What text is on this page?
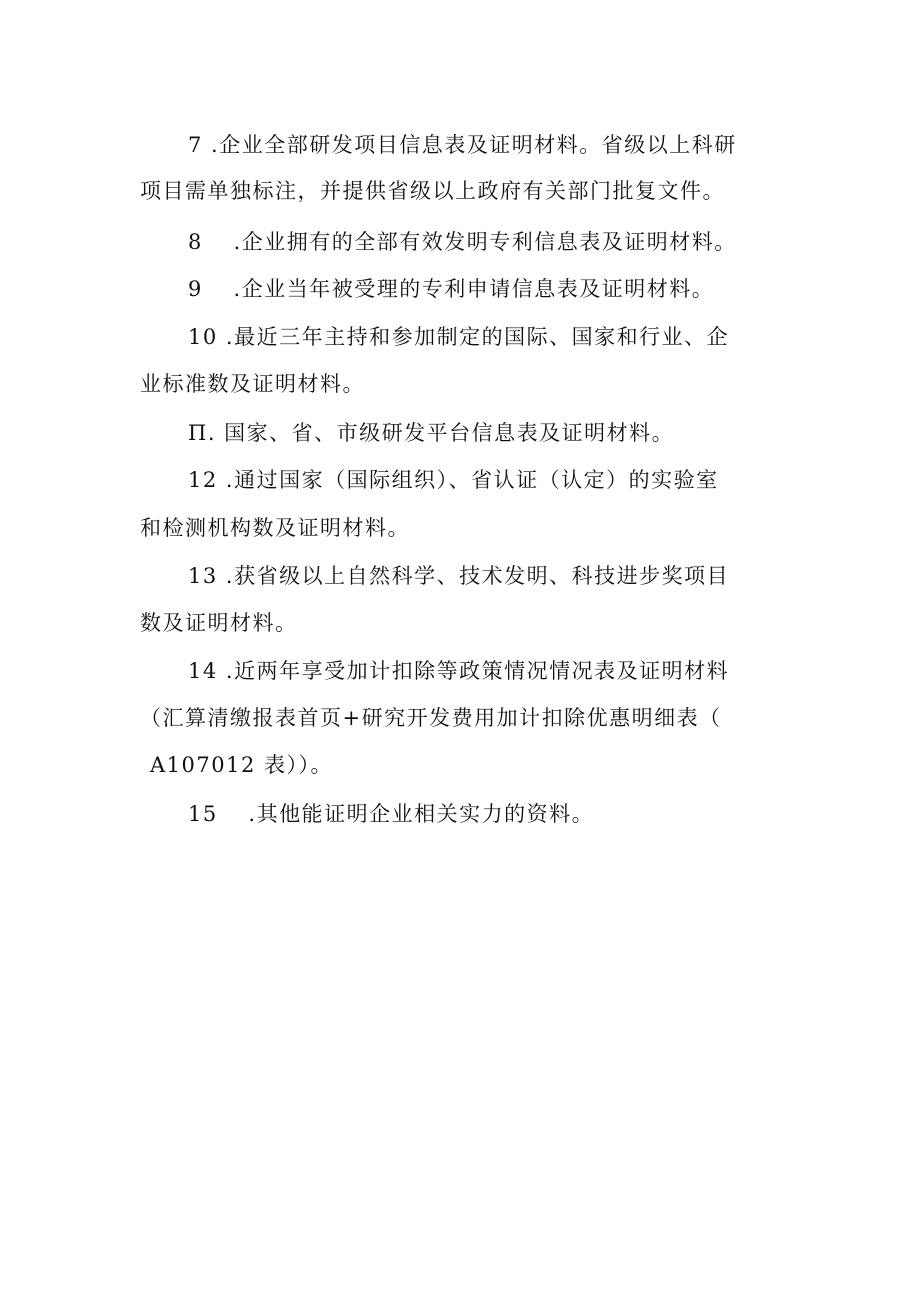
7 .企业全部研发项目信息表及证明材料。省级以上科研
项目需单独标注，并提供省级以上政府有关部门批复文件。
8　 .企业拥有的全部有效发明专利信息表及证明材料。
9　 .企业当年被受理的专利申请信息表及证明材料。
10 .最近三年主持和参加制定的国际、国家和行业、企
业标准数及证明材料。
Π. 国家、省、市级研发平台信息表及证明材料。
12 .通过国家（国际组织）、省认证（认定）的实验室
和检测机构数及证明材料。
13 .获省级以上自然科学、技术发明、科技进步奖项目
数及证明材料。
14 .近两年享受加计扣除等政策情况情况表及证明材料
（汇算清缴报表首页+研究开发费用加计扣除优惠明细表（
A107012 表））。
15　 .其他能证明企业相关实力的资料。
